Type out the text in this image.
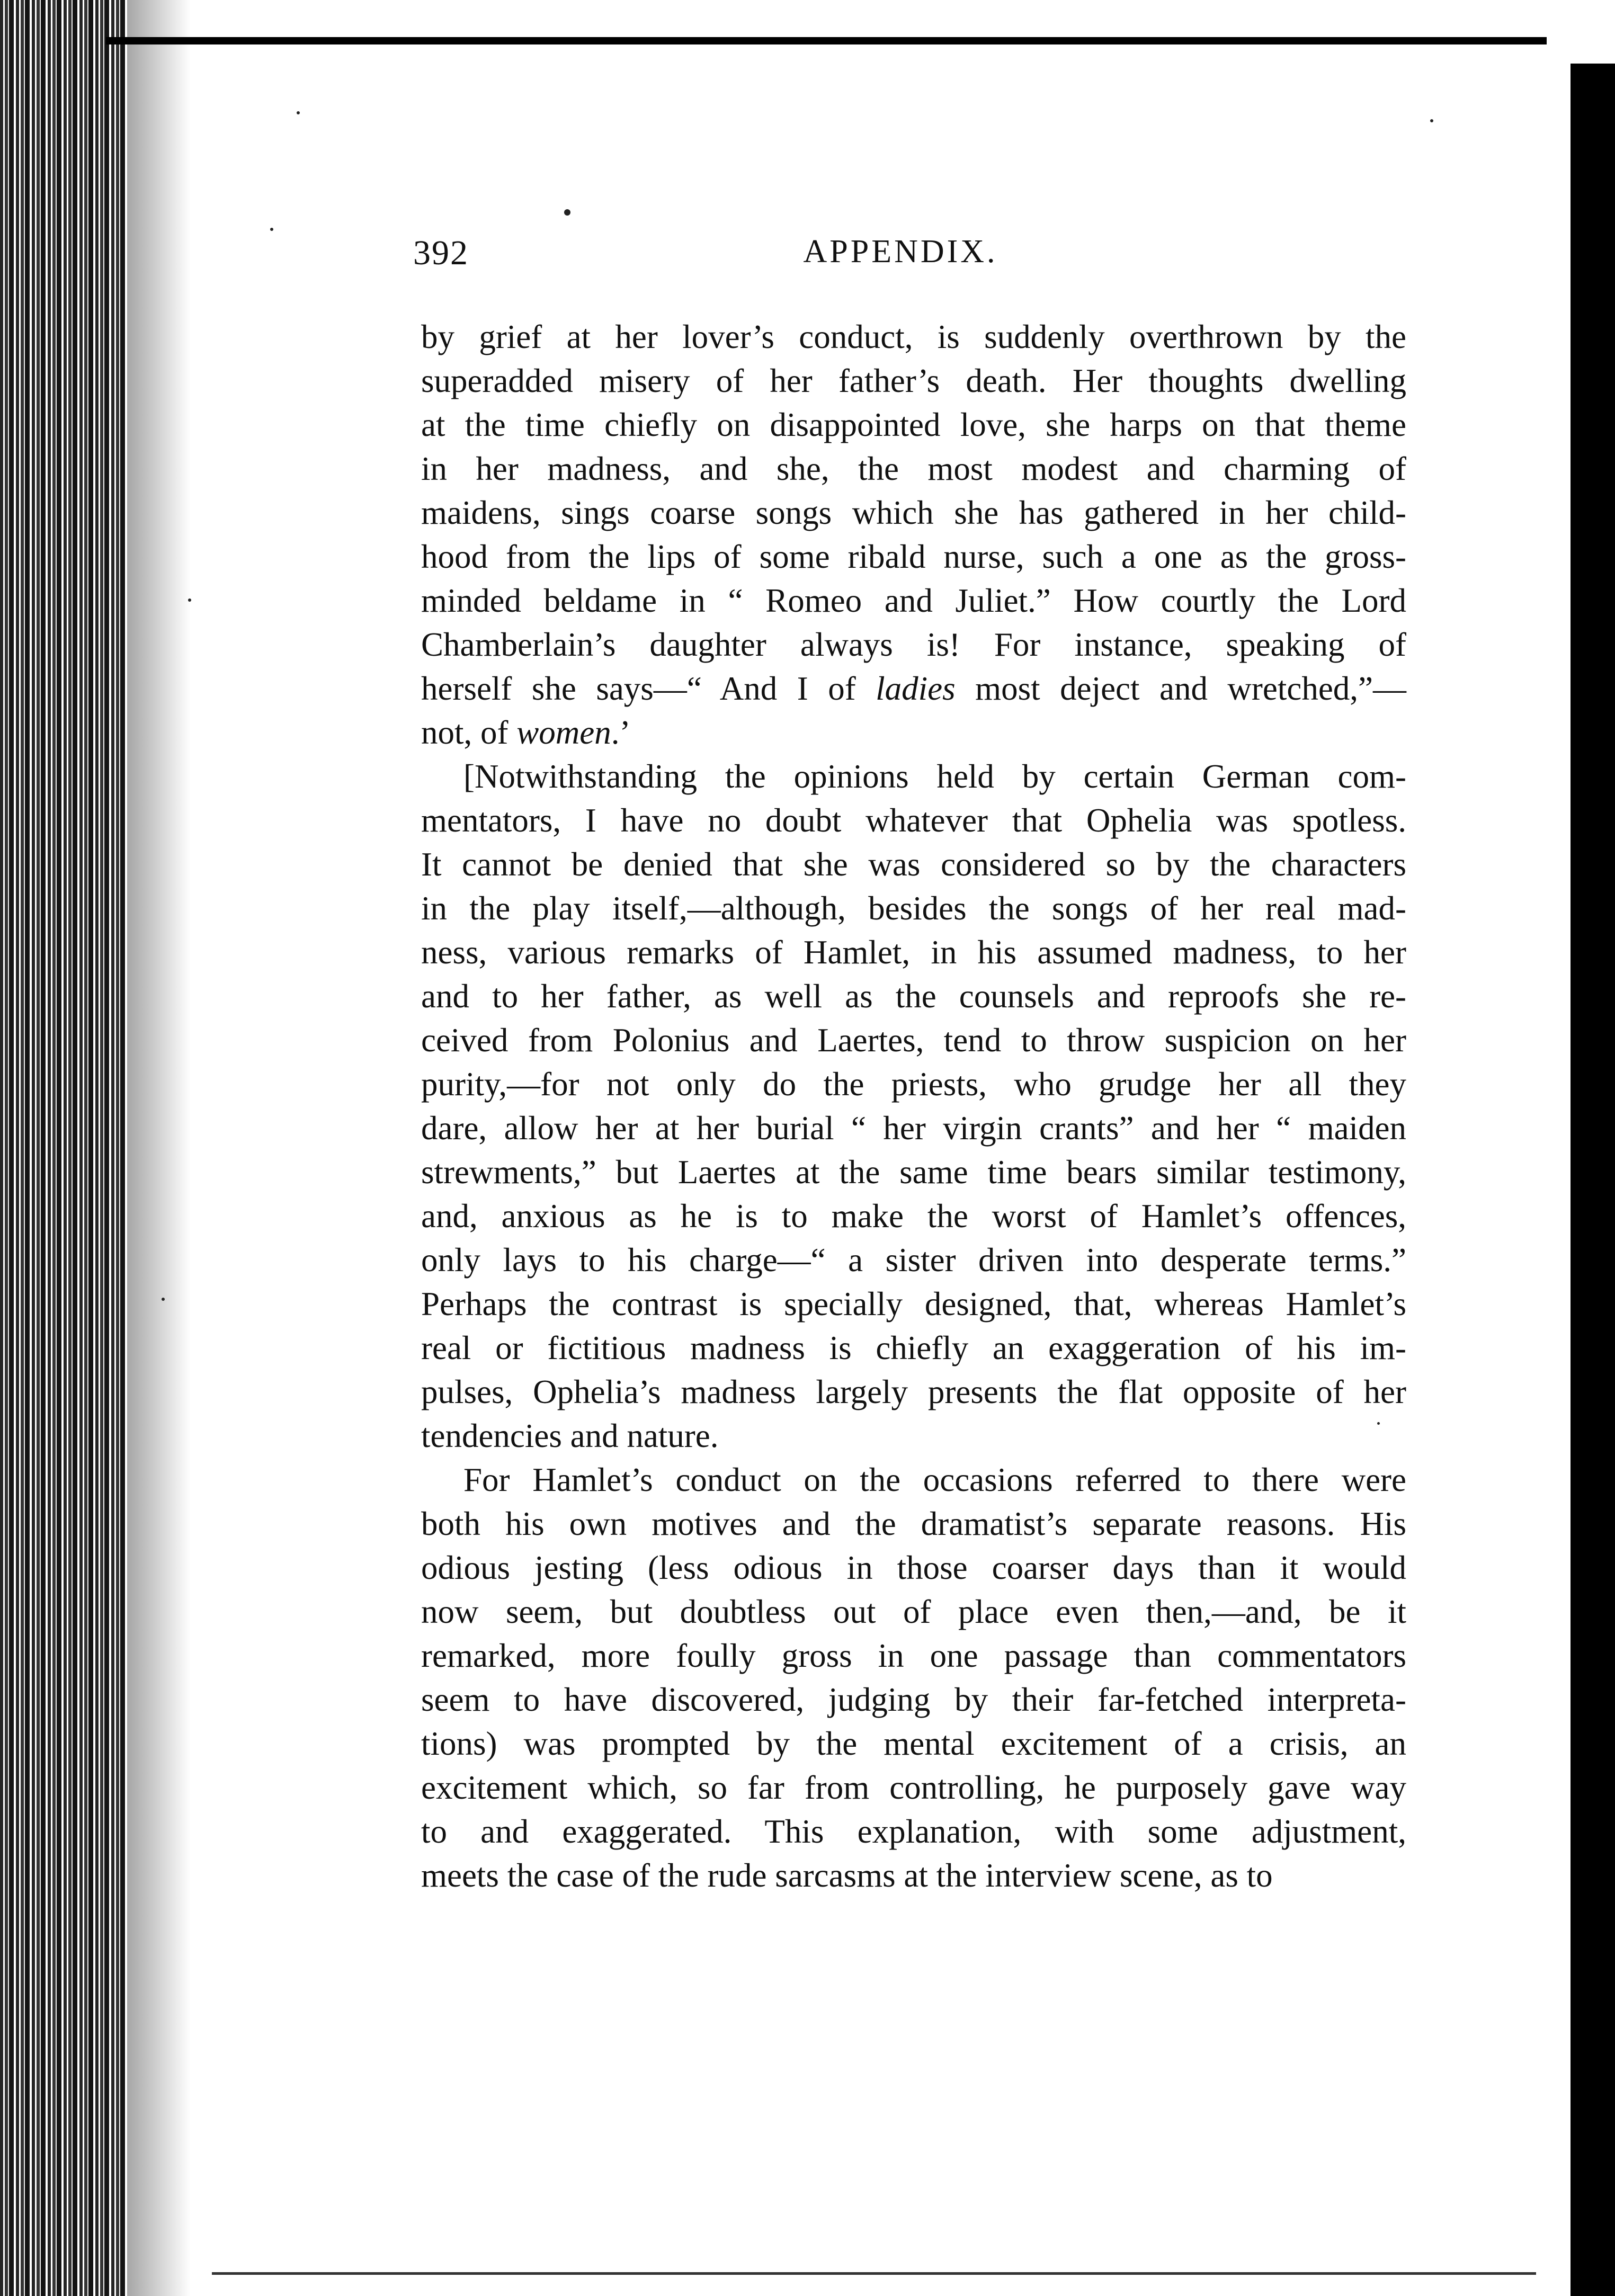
392	APPENDIX.
by grief at her lover’s conduct, is suddenly overthrown by the
superadded misery of her father’s death. Her thoughts dwelling
at the time chiefly on disappointed love, she harps on that theme
in her madness, and she, the most modest and charming of
maidens, sings coarse songs which she has gathered in her child-
hood from the lips of some ribald nurse, such a one as the gross-
minded beldame in “ Romeo and Juliet.” How courtly the Lord
Chamberlain’s daughter always is! For instance, speaking of
herself she says—“ And I of ladies most deject and wretched,”—
not, of women.’
[Notwithstanding the opinions held by certain German com-
mentators, I have no doubt whatever that Ophelia was spotless.
It cannot be denied that she was considered so by the characters
in the play itself,—although, besides the songs of her real mad-
ness, various remarks of Hamlet, in his assumed madness, to her
and to her father, as well as the counsels and reproofs she re-
ceived from Polonius and Laertes, tend to throw suspicion on her
purity,—for not only do the priests, who grudge her all they
dare, allow her at her burial “ her virgin crants” and her “ maiden
strewments,” but Laertes at the same time bears similar testimony,
and, anxious as he is to make the worst of Hamlet’s offences,
only lays to his charge—“ a sister driven into desperate terms.”
Perhaps the contrast is specially designed, that, whereas Hamlet’s
real or fictitious madness is chiefly an exaggeration of his im-
pulses, Ophelia’s madness largely presents the flat opposite of her
tendencies and nature.
For Hamlet’s conduct on the occasions referred to there were
both his own motives and the dramatist’s separate reasons. His
odious jesting (less odious in those coarser days than it would
now seem, but doubtless out of place even then,—and, be it
remarked, more foully gross in one passage than commentators
seem to have discovered, judging by their far-fetched interpreta-
tions) was prompted by the mental excitement of a crisis, an
excitement which, so far from controlling, he purposely gave way
to and exaggerated. This explanation, with some adjustment,
meets the case of the rude sarcasms at the interview scene, as to
